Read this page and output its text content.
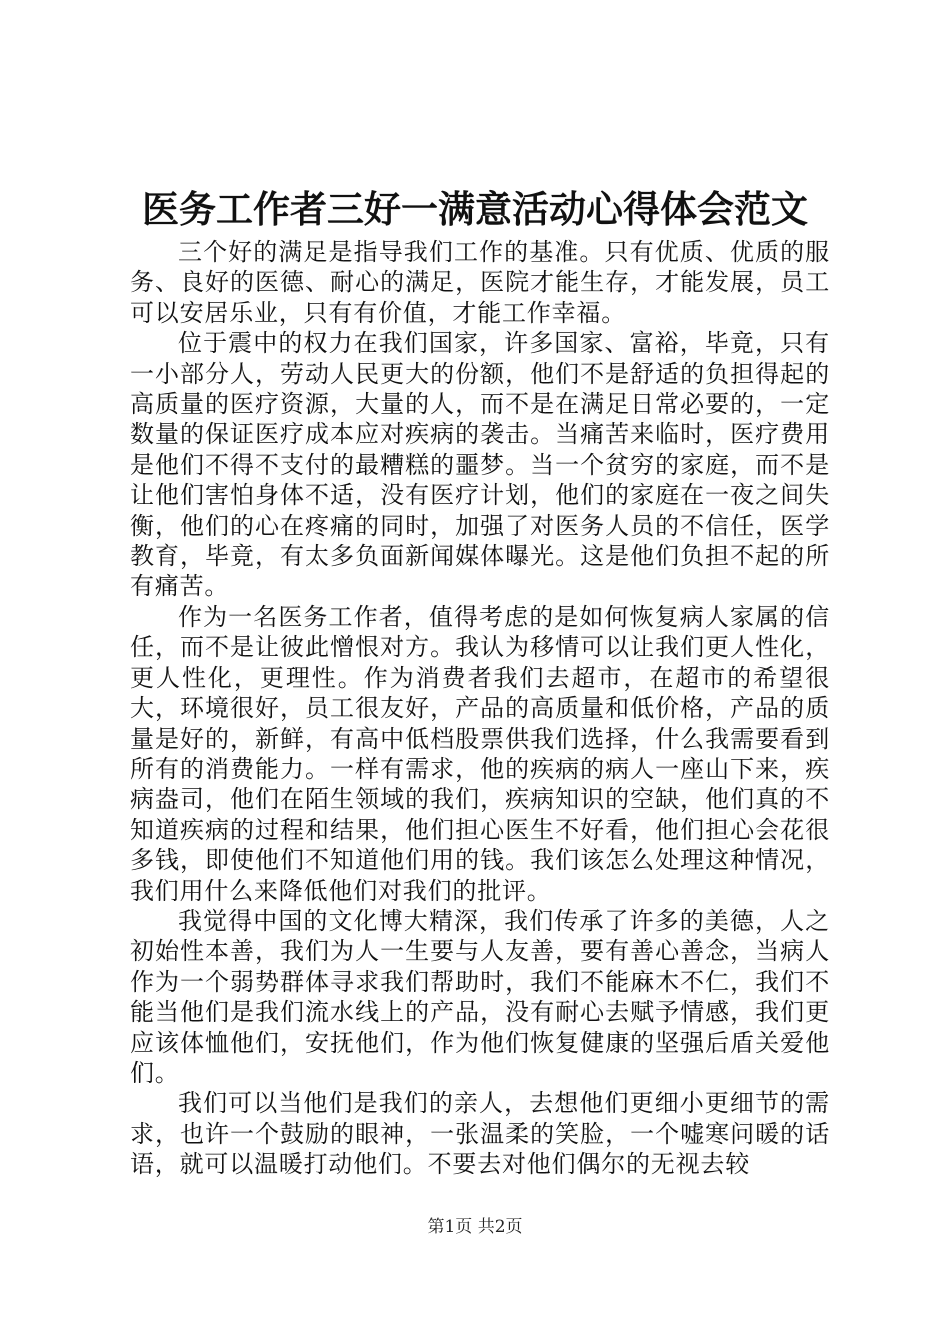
医务工作者三好一满意活动心得体会范文

三个好的满足是指导我们工作的基准。只有优质、优质的服务、良好的医德、耐心的满足，医院才能生存，才能发展，员工可以安居乐业，只有有价值，才能工作幸福。

位于震中的权力在我们国家，许多国家、富裕，毕竟，只有一小部分人，劳动人民更大的份额，他们不是舒适的负担得起的高质量的医疗资源，大量的人，而不是在满足日常必要的，一定数量的保证医疗成本应对疾病的袭击。当痛苦来临时，医疗费用是他们不得不支付的最糟糕的噩梦。当一个贫穷的家庭，而不是让他们害怕身体不适，没有医疗计划，他们的家庭在一夜之间失衡，他们的心在疼痛的同时，加强了对医务人员的不信任，医学教育，毕竟，有太多负面新闻媒体曝光。这是他们负担不起的所有痛苦。

作为一名医务工作者，值得考虑的是如何恢复病人家属的信任，而不是让彼此憎恨对方。我认为移情可以让我们更人性化，更人性化，更理性。作为消费者我们去超市，在超市的希望很大，环境很好，员工很友好，产品的高质量和低价格，产品的质量是好的，新鲜，有高中低档股票供我们选择，什么我需要看到所有的消费能力。一样有需求，他的疾病的病人一座山下来，疾病盎司，他们在陌生领域的我们，疾病知识的空缺，他们真的不知道疾病的过程和结果，他们担心医生不好看，他们担心会花很多钱，即使他们不知道他们用的钱。我们该怎么处理这种情况，我们用什么来降低他们对我们的批评。

我觉得中国的文化博大精深，我们传承了许多的美德，人之初始性本善，我们为人一生要与人友善，要有善心善念，当病人作为一个弱势群体寻求我们帮助时，我们不能麻木不仁，我们不能当他们是我们流水线上的产品，没有耐心去赋予情感，我们更应该体恤他们，安抚他们，作为他们恢复健康的坚强后盾关爱他们。

我们可以当他们是我们的亲人，去想他们更细小更细节的需求，也许一个鼓励的眼神，一张温柔的笑脸，一个嘘寒问暖的话语，就可以温暖打动他们。不要去对他们偶尔的无视去较

第1页 共2页
